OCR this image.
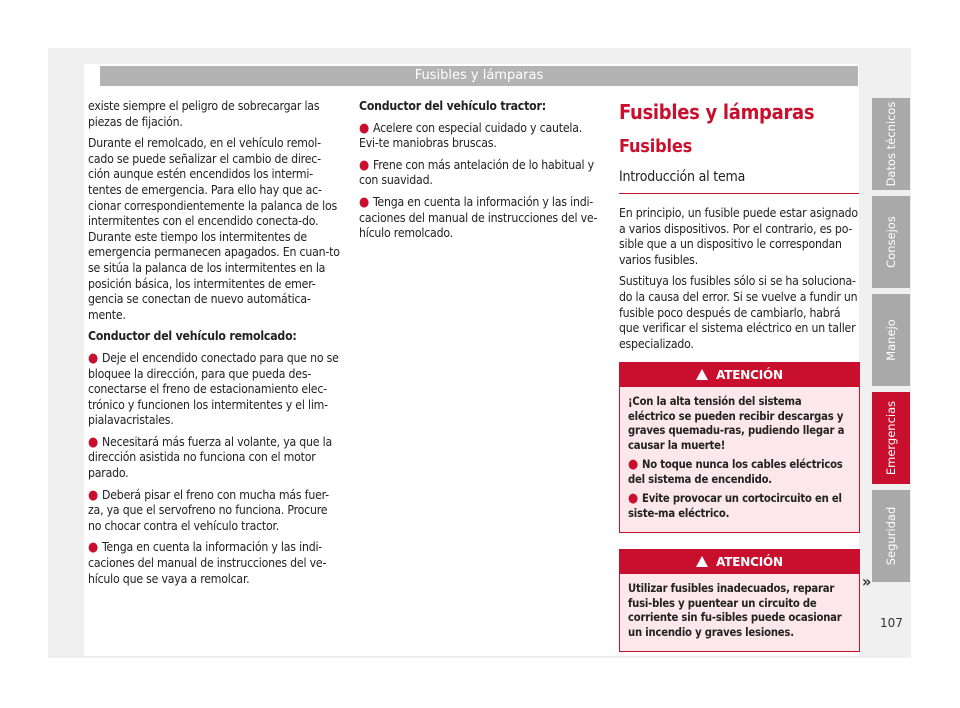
Fusibles y lámparas

existe siempre el peligro de sobrecargar las piezas de fijación.

Durante el remolcado, en el vehículo remol-cado se puede señalizar el cambio de direc-ción aunque estén encendidos los intermi-tentes de emergencia. Para ello hay que ac-cionar correspondientemente la palanca de los intermitentes con el encendido conecta-do. Durante este tiempo los intermitentes de emergencia permanecen apagados. En cuan-to se sitúa la palanca de los intermitentes en la posición básica, los intermitentes de emer-gencia se conectan de nuevo automática-mente.

Conductor del vehículo remolcado:

● Deje el encendido conectado para que no se bloquee la dirección, para que pueda des-conectarse el freno de estacionamiento elec-trónico y funcionen los intermitentes y el lim-pialavacristales.

● Necesitará más fuerza al volante, ya que la dirección asistida no funciona con el motor parado.

● Deberá pisar el freno con mucha más fuer-za, ya que el servofreno no funciona. Procure no chocar contra el vehículo tractor.

● Tenga en cuenta la información y las indi-caciones del manual de instrucciones del ve-hículo que se vaya a remolcar.

Conductor del vehículo tractor:

● Acelere con especial cuidado y cautela. Evi-te maniobras bruscas.

● Frene con más antelación de lo habitual y con suavidad.

● Tenga en cuenta la información y las indi-caciones del manual de instrucciones del ve-hículo remolcado.

Fusibles y lámparas
Fusibles
Introducción al tema

En principio, un fusible puede estar asignado a varios dispositivos. Por el contrario, es po-sible que a un dispositivo le correspondan varios fusibles.

Sustituya los fusibles sólo si se ha soluciona-do la causa del error. Si se vuelve a fundir un fusible poco después de cambiarlo, habrá que verificar el sistema eléctrico en un taller especializado.

ATENCIÓN

¡Con la alta tensión del sistema eléctrico se pueden recibir descargas y graves quemadu-ras, pudiendo llegar a causar la muerte!

● No toque nunca los cables eléctricos del sistema de encendido.

● Evite provocar un cortocircuito en el siste-ma eléctrico.

ATENCIÓN

Utilizar fusibles inadecuados, reparar fusi-bles y puentear un circuito de corriente sin fu-sibles puede ocasionar un incendio y graves lesiones.

»
Datos técnicos
Consejos
Manejo
Emergencias
Seguridad
107
